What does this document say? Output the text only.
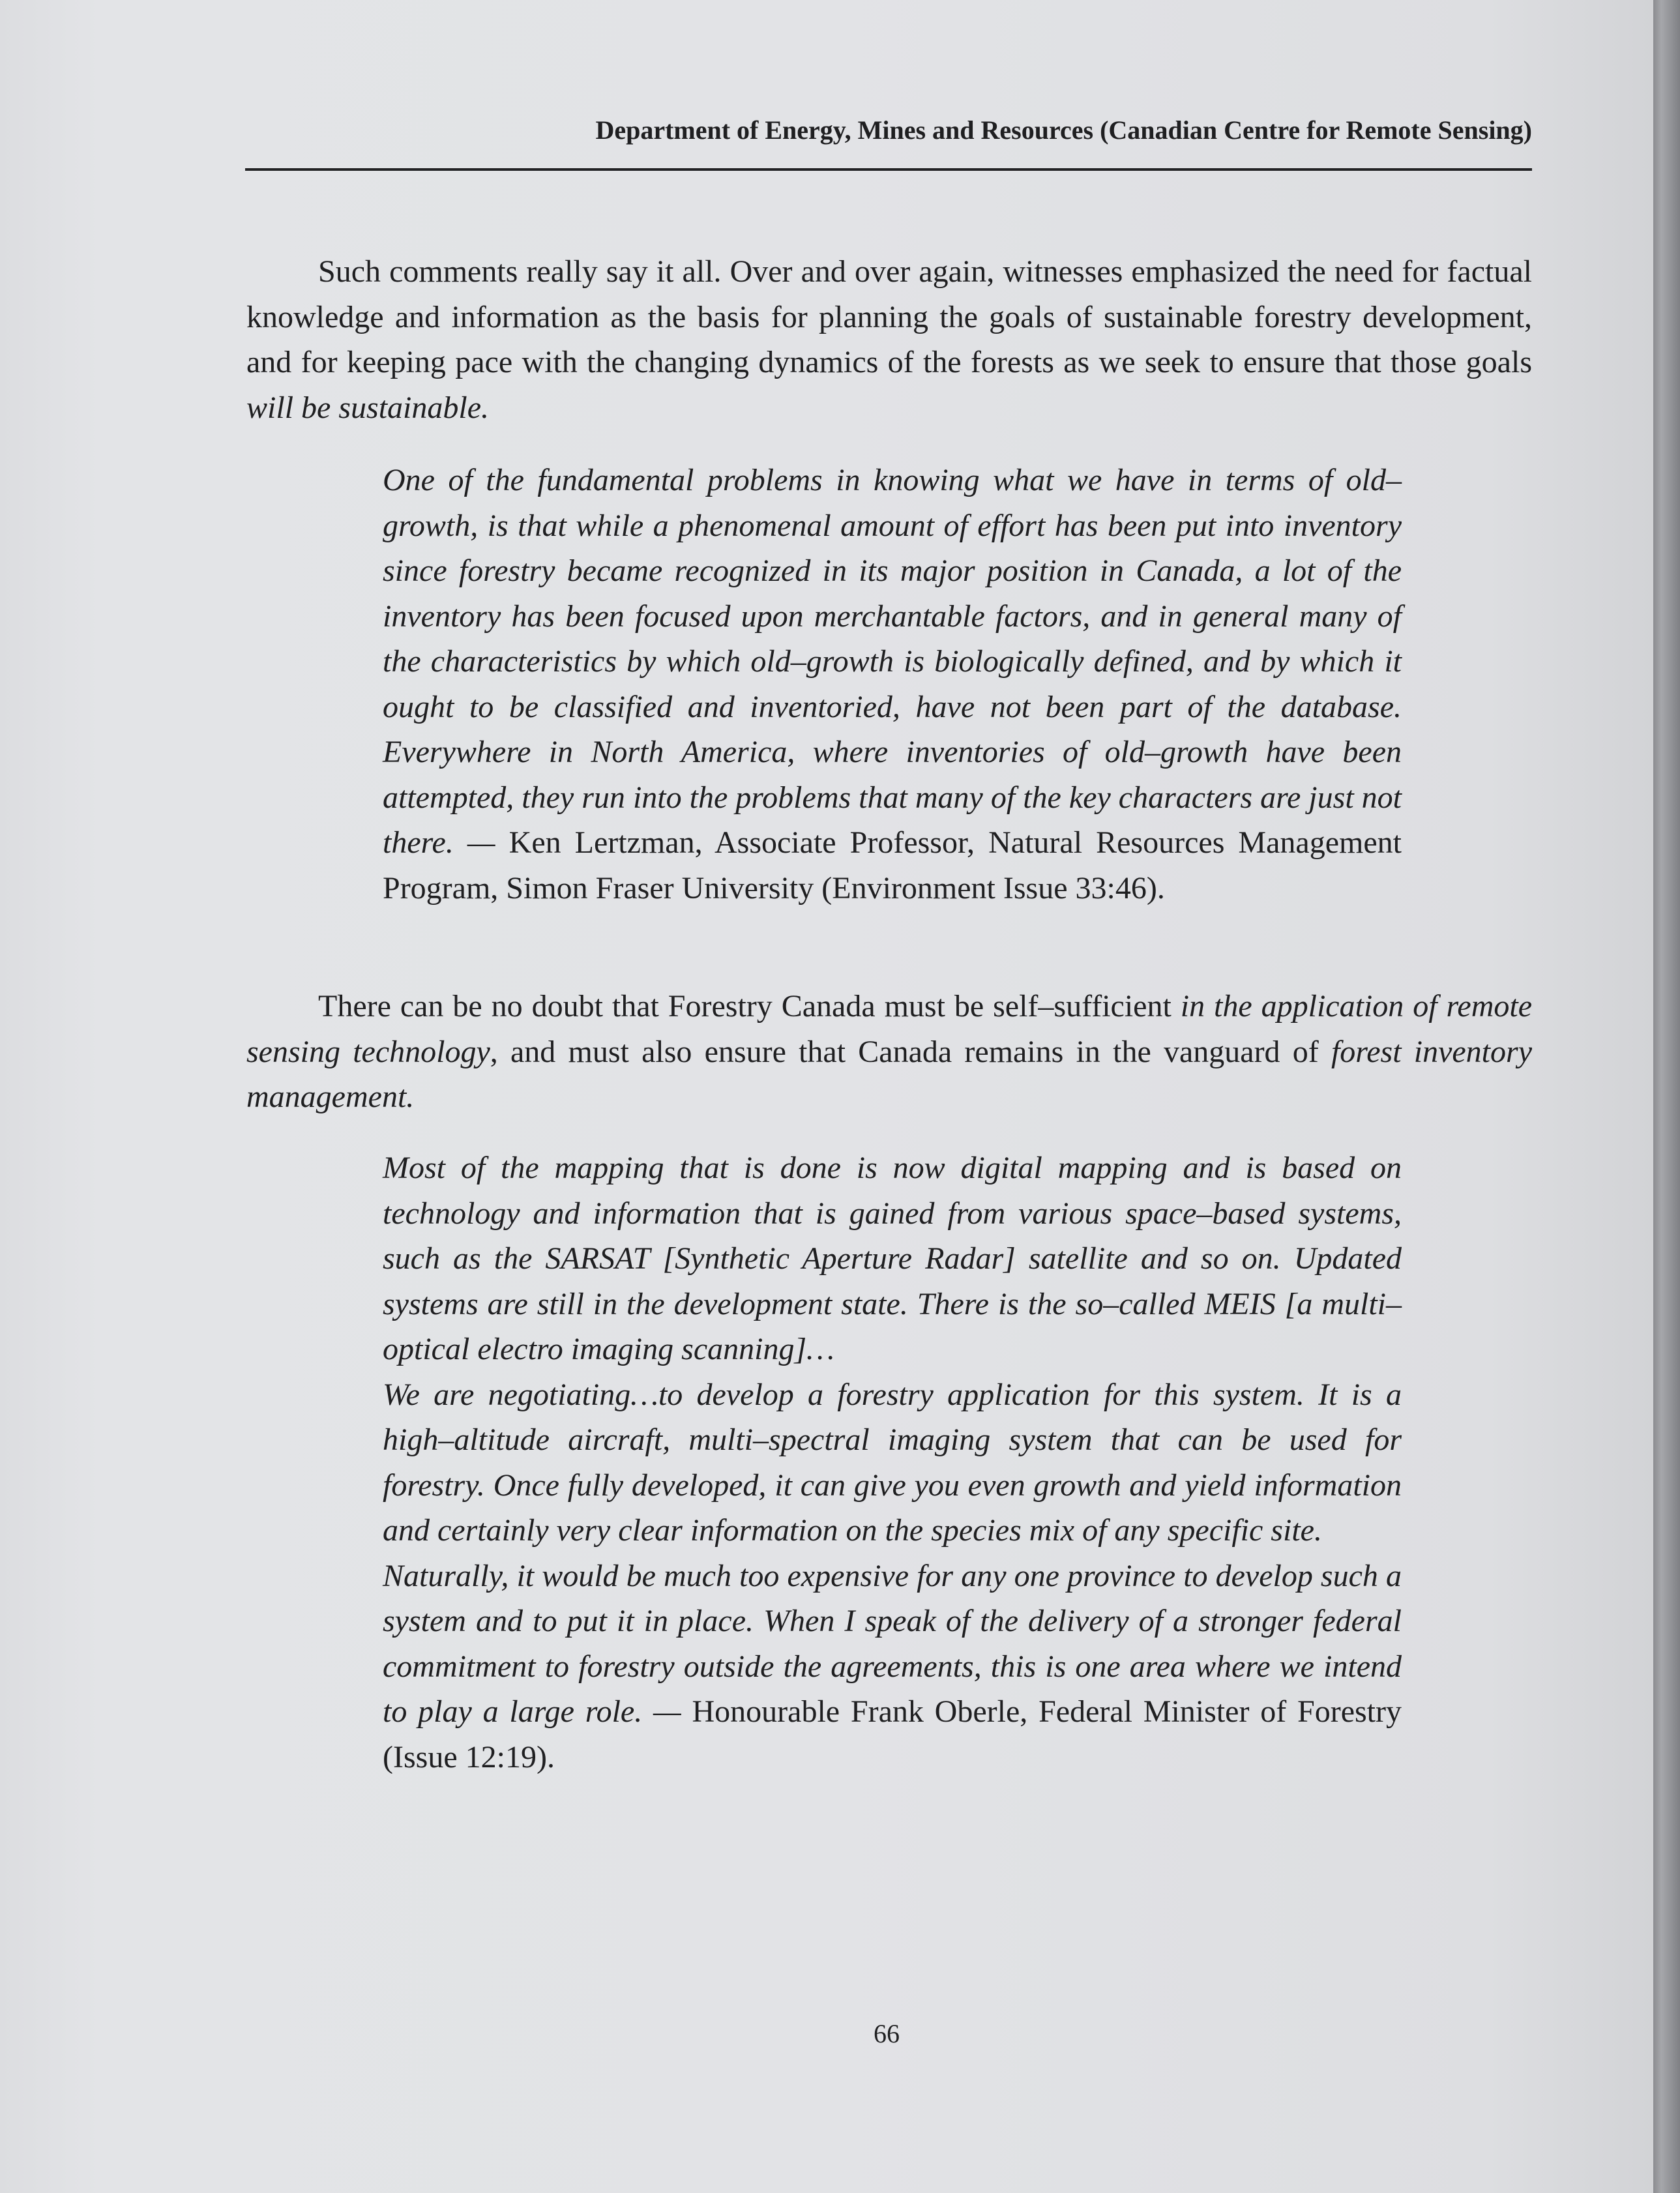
Department of Energy, Mines and Resources (Canadian Centre for Remote Sensing)

Such comments really say it all. Over and over again, witnesses emphasized the need for factual knowledge and information as the basis for planning the goals of sustainable forestry development, and for keeping pace with the changing dynamics of the forests as we seek to ensure that those goals will be sustainable.

One of the fundamental problems in knowing what we have in terms of old–growth, is that while a phenomenal amount of effort has been put into inventory since forestry became recognized in its major position in Canada, a lot of the inventory has been focused upon merchantable factors, and in general many of the characteristics by which old–growth is biologically defined, and by which it ought to be classified and inventoried, have not been part of the database. Everywhere in North America, where inventories of old–growth have been attempted, they run into the problems that many of the key characters are just not there. — Ken Lertzman, Associate Professor, Natural Resources Management Program, Simon Fraser University (Environment Issue 33:46).

There can be no doubt that Forestry Canada must be self–sufficient in the application of remote sensing technology, and must also ensure that Canada remains in the vanguard of forest inventory management.

Most of the mapping that is done is now digital mapping and is based on technology and information that is gained from various space–based systems, such as the SARSAT [Synthetic Aperture Radar] satellite and so on. Updated systems are still in the development state. There is the so–called MEIS [a multi–optical electro imaging scanning]…

We are negotiating…to develop a forestry application for this system. It is a high–altitude aircraft, multi–spectral imaging system that can be used for forestry. Once fully developed, it can give you even growth and yield information and certainly very clear information on the species mix of any specific site.

Naturally, it would be much too expensive for any one province to develop such a system and to put it in place. When I speak of the delivery of a stronger federal commitment to forestry outside the agreements, this is one area where we intend to play a large role. — Honourable Frank Oberle, Federal Minister of Forestry (Issue 12:19).

66
